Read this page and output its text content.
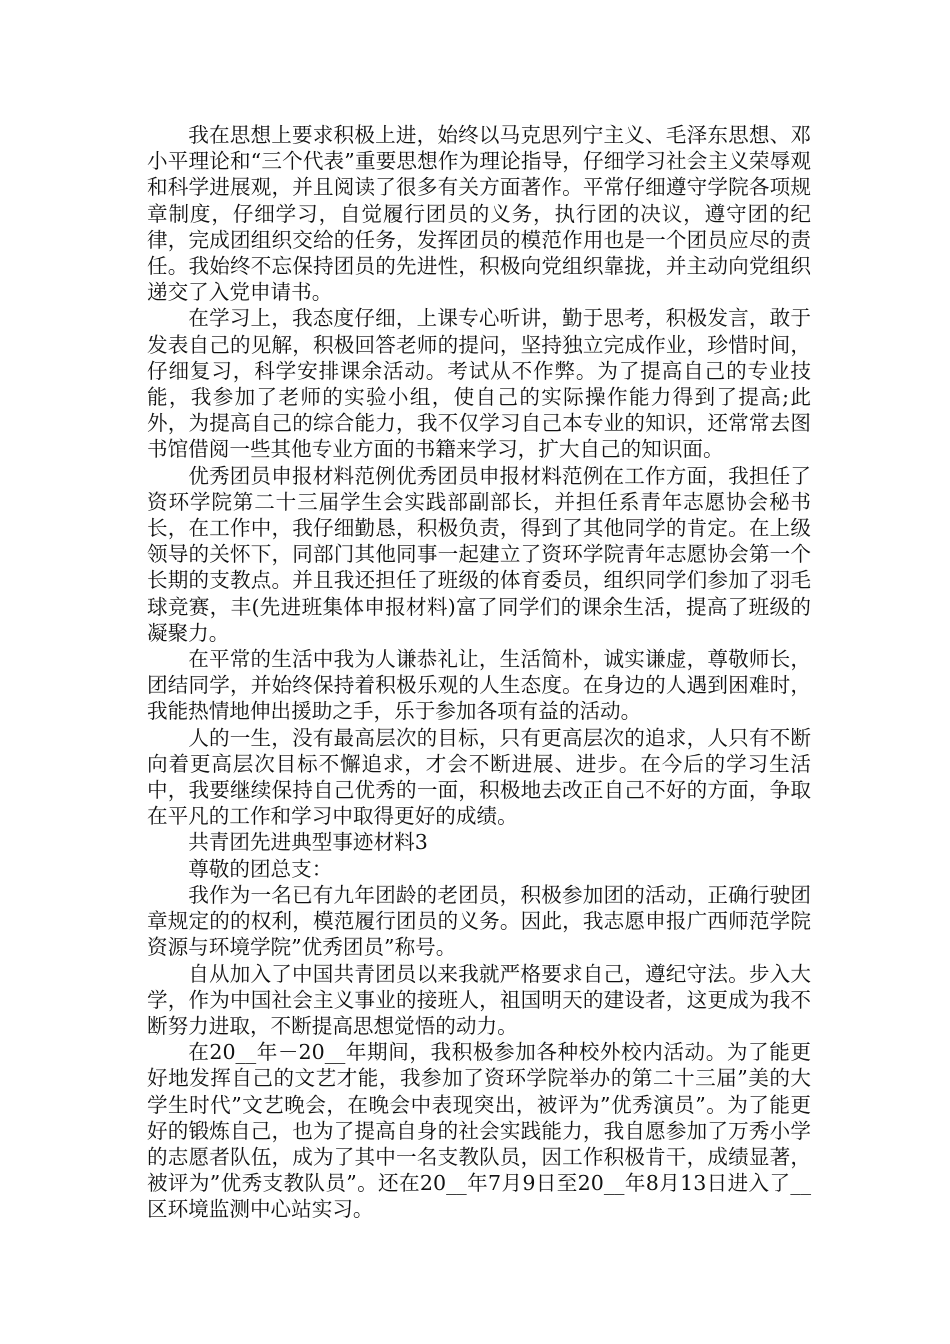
我在思想上要求积极上进，始终以马克思列宁主义、毛泽东思想、邓小平理论和“三个代表”重要思想作为理论指导，仔细学习社会主义荣辱观和科学进展观，并且阅读了很多有关方面著作。平常仔细遵守学院各项规章制度，仔细学习，自觉履行团员的义务，执行团的决议，遵守团的纪律，完成团组织交给的任务，发挥团员的模范作用也是一个团员应尽的责任。我始终不忘保持团员的先进性，积极向党组织靠拢，并主动向党组织递交了入党申请书。

在学习上，我态度仔细，上课专心听讲，勤于思考，积极发言，敢于发表自己的见解，积极回答老师的提问，坚持独立完成作业，珍惜时间，仔细复习，科学安排课余活动。考试从不作弊。为了提高自己的专业技能，我参加了老师的实验小组，使自己的实际操作能力得到了提高;此外，为提高自己的综合能力，我不仅学习自己本专业的知识，还常常去图书馆借阅一些其他专业方面的书籍来学习，扩大自己的知识面。

优秀团员申报材料范例优秀团员申报材料范例在工作方面，我担任了资环学院第二十三届学生会实践部副部长，并担任系青年志愿协会秘书长，在工作中，我仔细勤恳，积极负责，得到了其他同学的肯定。在上级领导的关怀下，同部门其他同事一起建立了资环学院青年志愿协会第一个长期的支教点。并且我还担任了班级的体育委员，组织同学们参加了羽毛球竞赛，丰(先进班集体申报材料)富了同学们的课余生活，提高了班级的凝聚力。

在平常的生活中我为人谦恭礼让，生活简朴，诚实谦虚，尊敬师长，团结同学，并始终保持着积极乐观的人生态度。在身边的人遇到困难时，我能热情地伸出援助之手，乐于参加各项有益的活动。

人的一生，没有最高层次的目标，只有更高层次的追求，人只有不断向着更高层次目标不懈追求，才会不断进展、进步。在今后的学习生活中，我要继续保持自己优秀的一面，积极地去改正自己不好的方面，争取在平凡的工作和学习中取得更好的成绩。

共青团先进典型事迹材料3

尊敬的团总支：

我作为一名已有九年团龄的老团员，积极参加团的活动，正确行驶团章规定的的权利，模范履行团员的义务。因此，我志愿申报广西师范学院资源与环境学院”优秀团员”称号。

自从加入了中国共青团员以来我就严格要求自己，遵纪守法。步入大学，作为中国社会主义事业的接班人，祖国明天的建设者，这更成为我不断努力进取，不断提高思想觉悟的动力。

在20__年－20__年期间，我积极参加各种校外校内活动。为了能更好地发挥自己的文艺才能，我参加了资环学院举办的第二十三届”美的大学生时代”文艺晚会，在晚会中表现突出，被评为”优秀演员”。为了能更好的锻炼自己，也为了提高自身的社会实践能力，我自愿参加了万秀小学的志愿者队伍，成为了其中一名支教队员，因工作积极肯干，成绩显著，被评为”优秀支教队员”。还在20__年7月9日至20__年8月13日进入了__区环境监测中心站实习。
